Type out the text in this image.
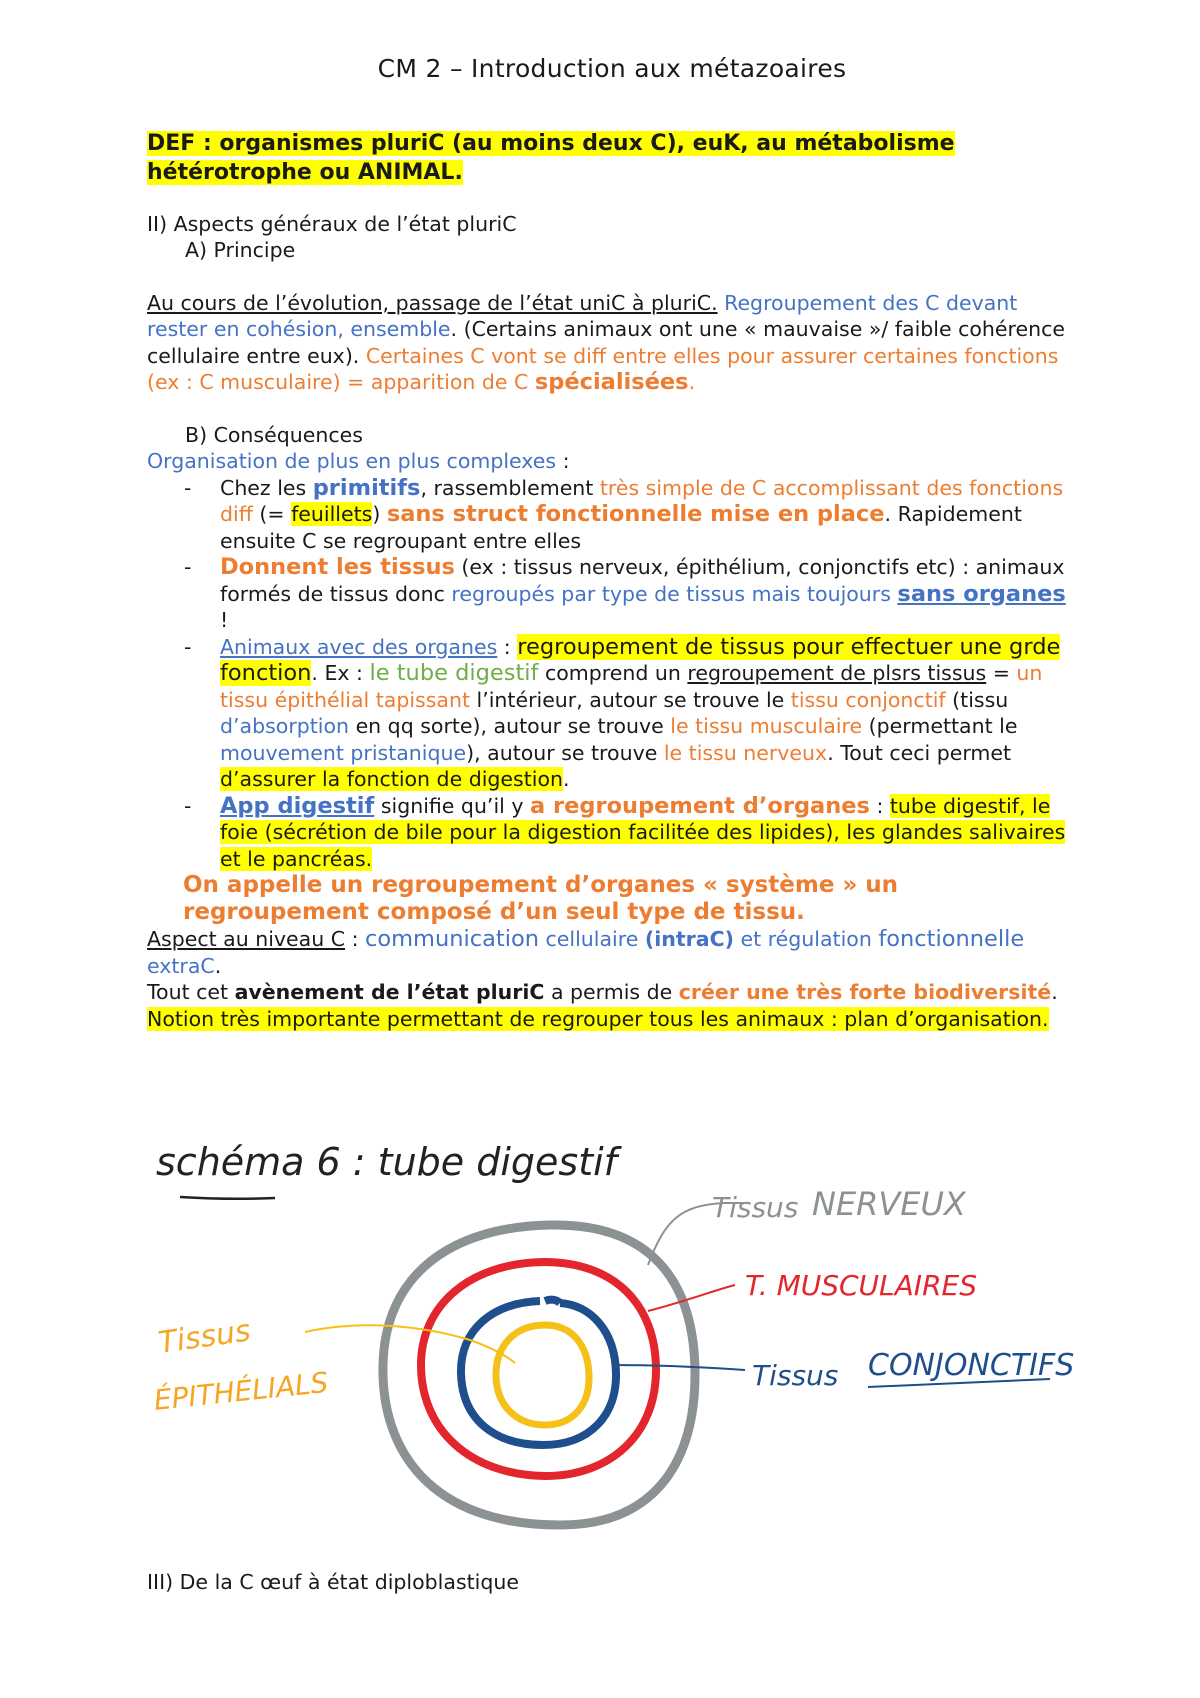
CM 2 – Introduction aux métazoaires

DEF : organismes pluriC (au moins deux C), euK, au métabolisme hétérotrophe ou ANIMAL.

II) Aspects généraux de l’état pluriC

A) Principe

Au cours de l’évolution, passage de l’état uniC à pluriC. Regroupement des C devant rester en cohésion, ensemble. (Certains animaux ont une « mauvaise »/ faible cohérence cellulaire entre eux). Certaines C vont se diff entre elles pour assurer certaines fonctions (ex : C musculaire) = apparition de C spécialisées.

B) Conséquences

Organisation de plus en plus complexes :

- Chez les primitifs, rassemblement très simple de C accomplissant des fonctions diff (= feuillets) sans struct fonctionnelle mise en place. Rapidement ensuite C se regroupant entre elles
- Donnent les tissus (ex : tissus nerveux, épithélium, conjonctifs etc) : animaux formés de tissus donc regroupés par type de tissus mais toujours sans organes !
- Animaux avec des organes : regroupement de tissus pour effectuer une grde fonction. Ex : le tube digestif comprend un regroupement de plsrs tissus = un tissu épithélial tapissant l’intérieur, autour se trouve le tissu conjonctif (tissu d’absorption en qq sorte), autour se trouve le tissu musculaire (permettant le mouvement pristanique), autour se trouve le tissu nerveux. Tout ceci permet d’assurer la fonction de digestion.
- App digestif signifie qu’il y a regroupement d’organes : tube digestif, le foie (sécrétion de bile pour la digestion facilitée des lipides), les glandes salivaires et le pancréas.

On appelle un regroupement d’organes « système » un regroupement composé d’un seul type de tissu.

Aspect au niveau C : communication cellulaire (intraC) et régulation fonctionnelle extraC.

Tout cet avènement de l’état pluriC a permis de créer une très forte biodiversité.

Notion très importante permettant de regrouper tous les animaux : plan d’organisation.

schéma 6 : tube digestif
Tissus NERVEUX
T. MUSCULAIRES
Tissus CONJONCTIFS
Tissus
ÉPITHÉLIALS

III) De la C œuf à état diploblastique
